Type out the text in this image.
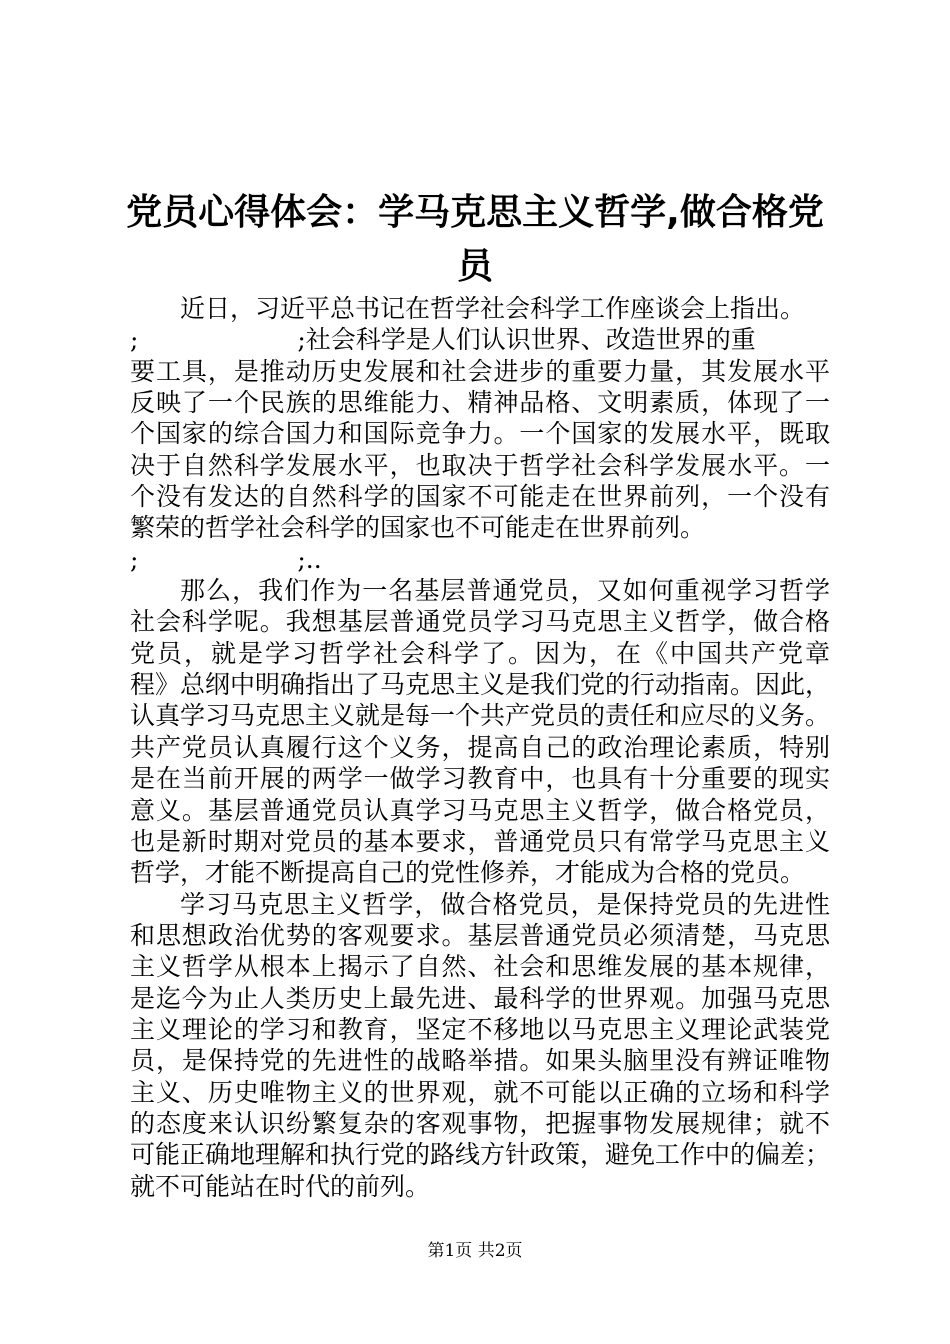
党员心得体会：学马克思主义哲学,做合格党
员
近日，习近平总书记在哲学社会科学工作座谈会上指出。
;                    ;社会科学是人们认识世界、改造世界的重
要工具，是推动历史发展和社会进步的重要力量，其发展水平
反映了一个民族的思维能力、精神品格、文明素质，体现了一
个国家的综合国力和国际竞争力。一个国家的发展水平，既取
决于自然科学发展水平，也取决于哲学社会科学发展水平。一
个没有发达的自然科学的国家不可能走在世界前列，一个没有
繁荣的哲学社会科学的国家也不可能走在世界前列。
;                    ;..
那么，我们作为一名基层普通党员，又如何重视学习哲学
社会科学呢。我想基层普通党员学习马克思主义哲学，做合格
党员，就是学习哲学社会科学了。因为，在《中国共产党章
程》总纲中明确指出了马克思主义是我们党的行动指南。因此，
认真学习马克思主义就是每一个共产党员的责任和应尽的义务。
共产党员认真履行这个义务，提高自己的政治理论素质，特别
是在当前开展的两学一做学习教育中，也具有十分重要的现实
意义。基层普通党员认真学习马克思主义哲学，做合格党员，
也是新时期对党员的基本要求，普通党员只有常学马克思主义
哲学，才能不断提高自己的党性修养，才能成为合格的党员。
学习马克思主义哲学，做合格党员，是保持党员的先进性
和思想政治优势的客观要求。基层普通党员必须清楚，马克思
主义哲学从根本上揭示了自然、社会和思维发展的基本规律，
是迄今为止人类历史上最先进、最科学的世界观。加强马克思
主义理论的学习和教育，坚定不移地以马克思主义理论武装党
员，是保持党的先进性的战略举措。如果头脑里没有辨证唯物
主义、历史唯物主义的世界观，就不可能以正确的立场和科学
的态度来认识纷繁复杂的客观事物，把握事物发展规律；就不
可能正确地理解和执行党的路线方针政策，避免工作中的偏差；
就不可能站在时代的前列。
第1页 共2页
